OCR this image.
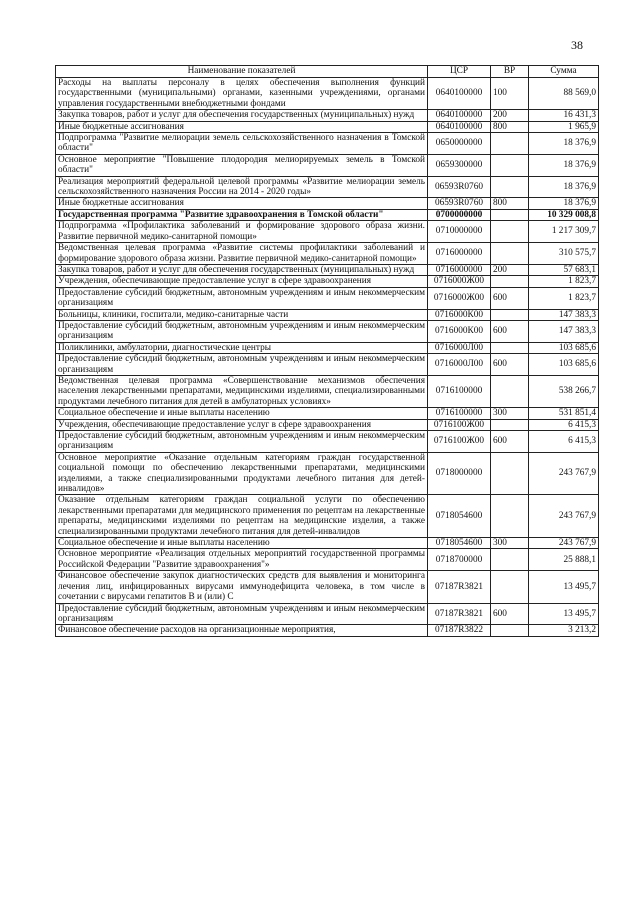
38
Наименование показателей	ЦСР	ВР	Сумма
Расходы на выплаты персоналу в целях обеспечения выполнения функций государственными (муниципальными) органами, казенными учреждениями, органами управления государственными внебюджетными фондами	0640100000	100	88 569,0
Закупка товаров, работ и услуг для обеспечения государственных (муниципальных) нужд	0640100000	200	16 431,3
Иные бюджетные ассигнования	0640100000	800	1 965,9
Подпрограмма "Развитие мелиорации земель сельскохозяйственного назначения в Томской области"	0650000000		18 376,9
Основное мероприятие "Повышение плодородия мелиорируемых земель в Томской области"	0659300000		18 376,9
Реализация мероприятий федеральной целевой программы «Развитие мелиорации земель сельскохозяйственного назначения России на 2014 - 2020 годы»	06593R0760		18 376,9
Иные бюджетные ассигнования	06593R0760	800	18 376,9
Государственная программа "Развитие здравоохранения в Томской области"	0700000000		10 329 008,8
Подпрограмма «Профилактика заболеваний и формирование здорового образа жизни. Развитие первичной медико-санитарной помощи»	0710000000		1 217 309,7
Ведомственная целевая программа «Развитие системы профилактики заболеваний и формирование здорового образа жизни. Развитие первичной медико-санитарной помощи»	0716000000		310 575,7
Закупка товаров, работ и услуг для обеспечения государственных (муниципальных) нужд	0716000000	200	57 683,1
Учреждения, обеспечивающие предоставление услуг в сфере здравоохранения	0716000Ж00		1 823,7
Предоставление субсидий бюджетным, автономным учреждениям и иным некоммерческим организациям	0716000Ж00	600	1 823,7
Больницы, клиники, госпитали, медико-санитарные части	0716000К00		147 383,3
Предоставление субсидий бюджетным, автономным учреждениям и иным некоммерческим организациям	0716000К00	600	147 383,3
Поликлиники, амбулатории, диагностические центры	0716000Л00		103 685,6
Предоставление субсидий бюджетным, автономным учреждениям и иным некоммерческим организациям	0716000Л00	600	103 685,6
Ведомственная целевая программа «Совершенствование механизмов обеспечения населения лекарственными препаратами, медицинскими изделиями, специализированными продуктами лечебного питания для детей в амбулаторных условиях»	0716100000		538 266,7
Социальное обеспечение и иные выплаты населению	0716100000	300	531 851,4
Учреждения, обеспечивающие предоставление услуг в сфере здравоохранения	0716100Ж00		6 415,3
Предоставление субсидий бюджетным, автономным учреждениям и иным некоммерческим организациям	0716100Ж00	600	6 415,3
Основное мероприятие «Оказание отдельным категориям граждан государственной социальной помощи по обеспечению лекарственными препаратами, медицинскими изделиями, а также специализированными продуктами лечебного питания для детей-инвалидов»	0718000000		243 767,9
Оказание отдельным категориям граждан социальной услуги по обеспечению лекарственными препаратами для медицинского применения по рецептам на лекарственные препараты, медицинскими изделиями по рецептам на медицинские изделия, а также специализированными продуктами лечебного питания для детей-инвалидов	0718054600		243 767,9
Социальное обеспечение и иные выплаты населению	0718054600	300	243 767,9
Основное мероприятие «Реализация отдельных мероприятий государственной программы Российской Федерации "Развитие здравоохранения"»	0718700000		25 888,1
Финансовое обеспечение закупок диагностических средств для выявления и мониторинга лечения лиц, инфицированных вирусами иммунодефицита человека, в том числе в сочетании с вирусами гепатитов В и (или) С	07187R3821		13 495,7
Предоставление субсидий бюджетным, автономным учреждениям и иным некоммерческим организациям	07187R3821	600	13 495,7
Финансовое обеспечение расходов на организационные мероприятия,	07187R3822		3 213,2
